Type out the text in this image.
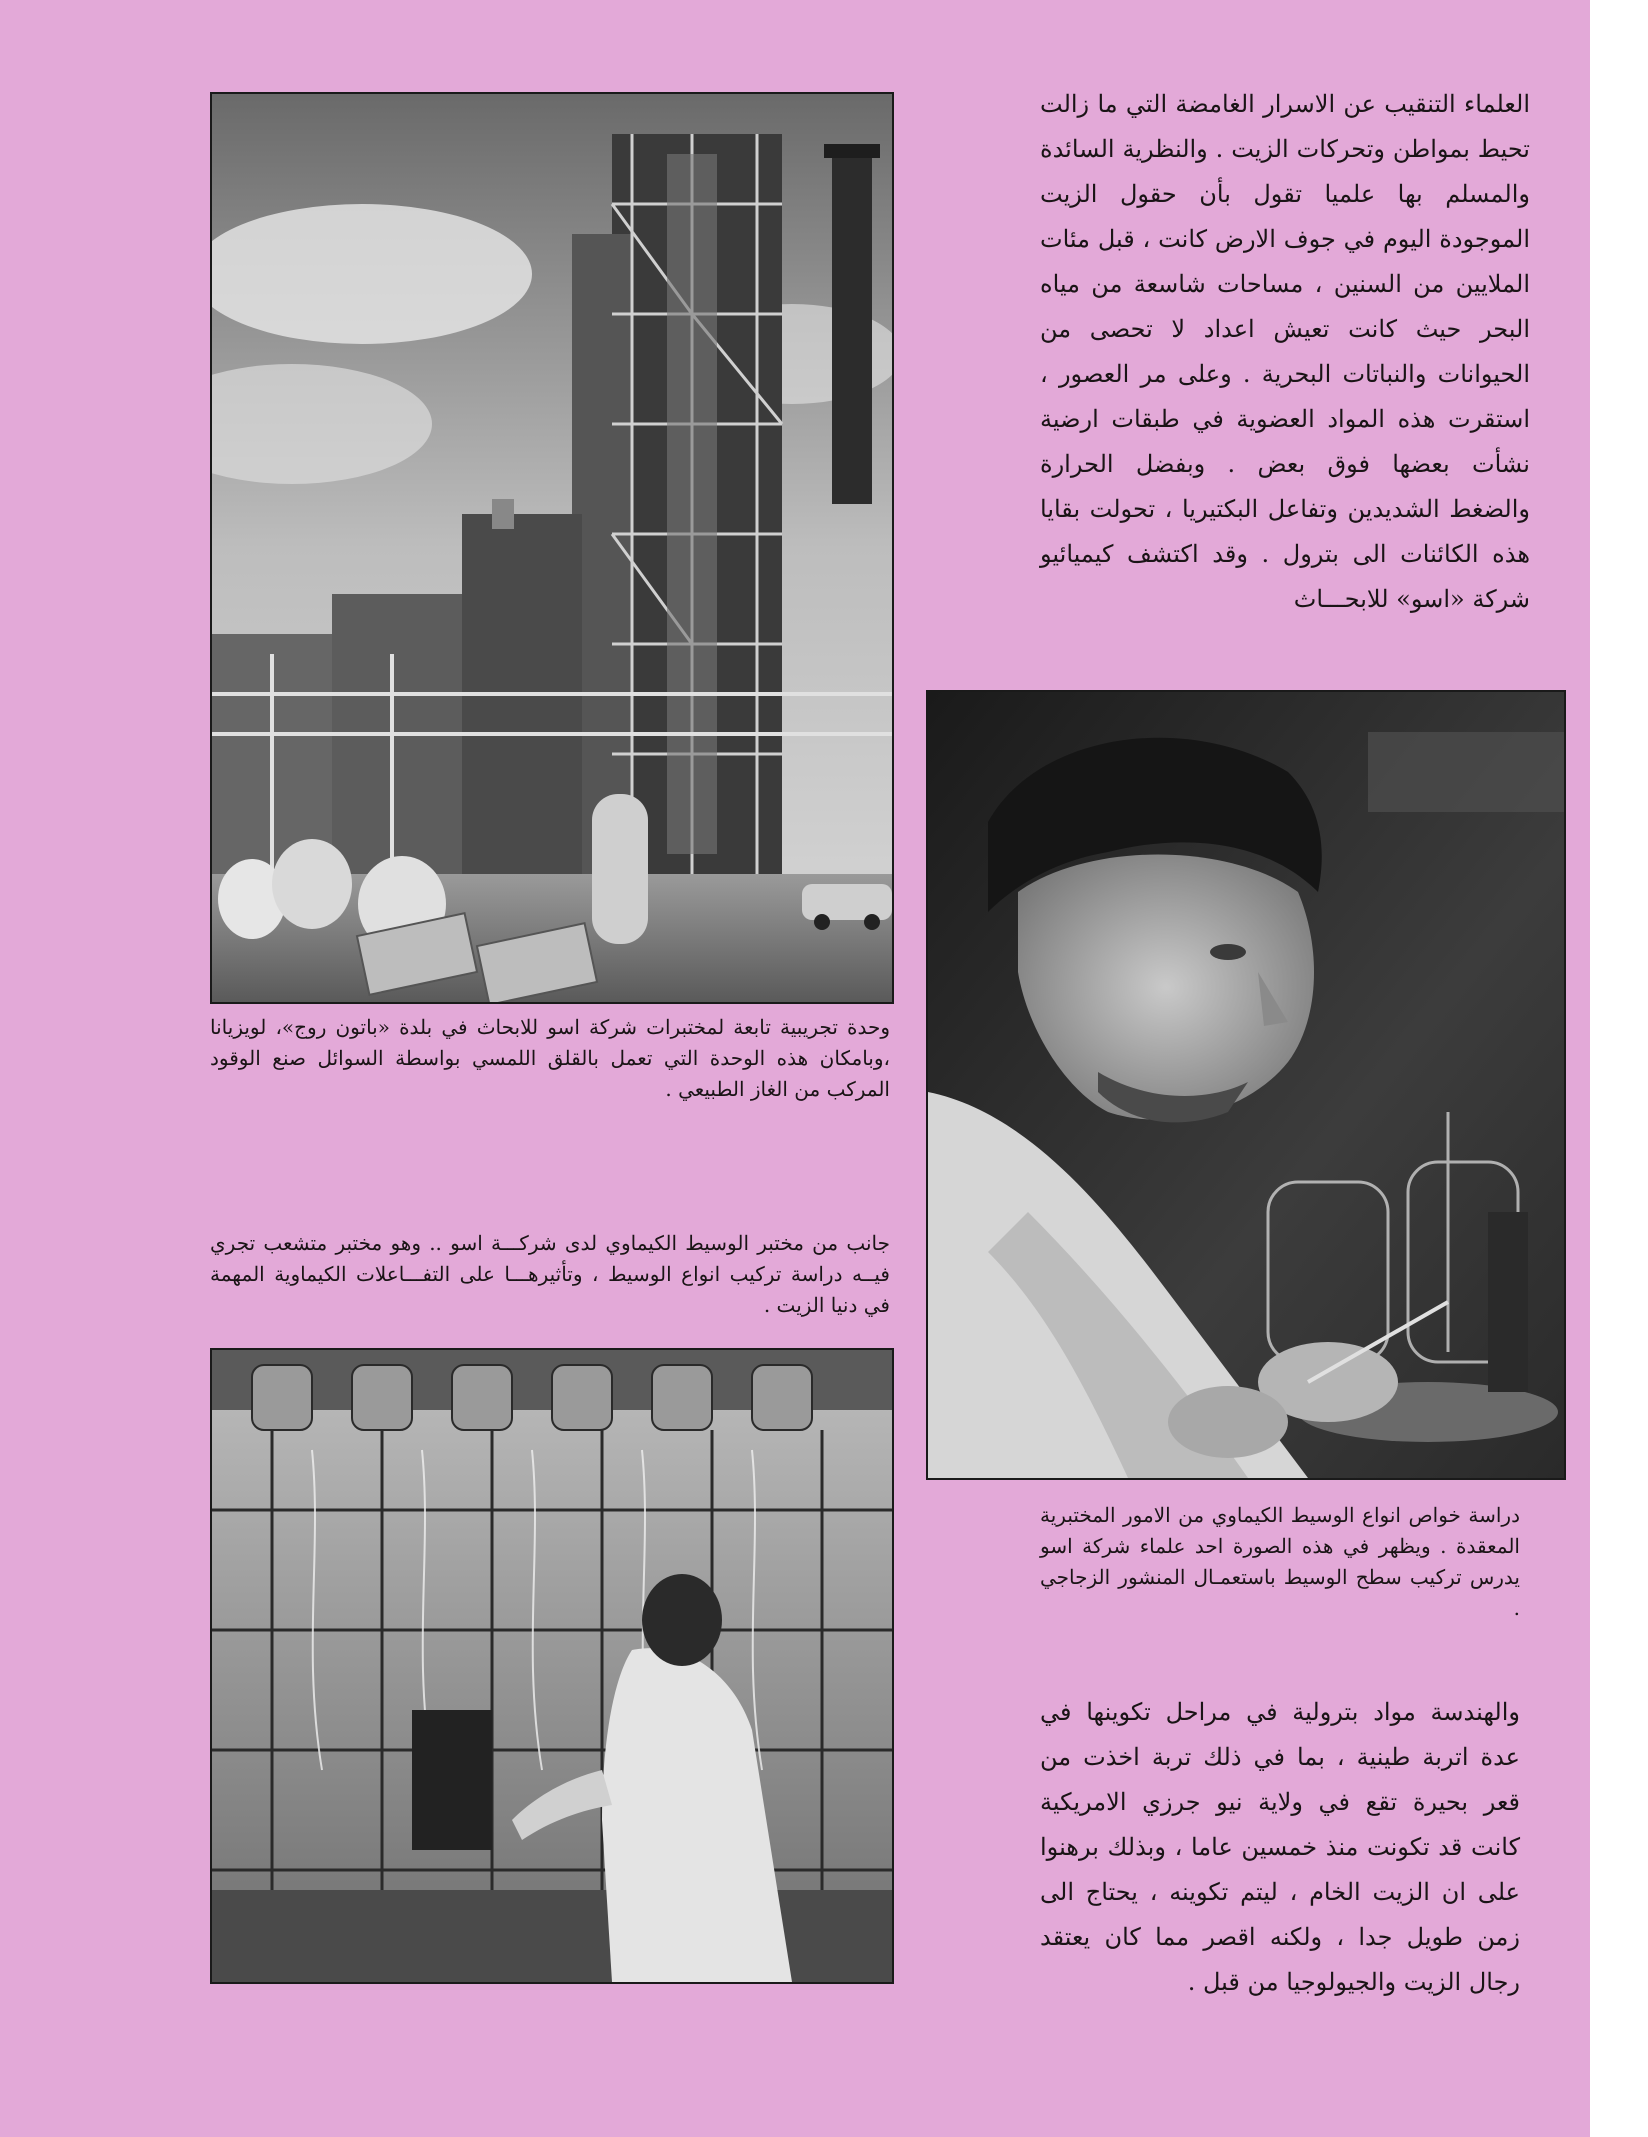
العلماء التنقيب عن الاسرار الغامضة التي ما زالت تحيط بمواطن وتحركات الزيت . والنظرية السائدة والمسلم بها علميا تقول بأن حقول الزيت الموجودة اليوم في جوف الارض كانت ، قبل مئات الملايين من السنين ، مساحات شاسعة من مياه البحر حيث كانت تعيش اعداد لا تحصى من الحيوانات والنباتات البحرية . وعلى مر العصور ، استقرت هذه المواد العضوية في طبقات ارضية نشأت بعضها فوق بعض . وبفضل الحرارة والضغط الشديدين وتفاعل البكتيريا ، تحولت بقايا هذه الكائنات الى بترول . وقد اكتشف كيميائيو شركة «اسو» للابحـــاث

وحدة تجريبية تابعة لمختبرات شركة اسو للابحاث في بلدة «باتون روج»، لويزيانا ،وبامكان هذه الوحدة التي تعمل بالقلق اللمسي بواسطة السوائل صنع الوقود المركب من الغاز الطبيعي .

جانب من مختبر الوسيط الكيماوي لدى شركـــة اسو .. وهو مختبر متشعب تجري فيــه دراسة تركيب انواع الوسيط ، وتأثيرهـــا على التفـــاعلات الكيماوية المهمة في دنيا الزيت .

دراسة خواص انواع الوسيط الكيماوي من الامور المختبرية المعقدة . ويظهر في هذه الصورة احد علماء شركة اسو يدرس تركيب سطح الوسيط باستعمـال المنشور الزجاجي .

والهندسة مواد بترولية في مراحل تكوينها في عدة اتربة طينية ، بما في ذلك تربة اخذت من قعر بحيرة تقع في ولاية نيو جرزي الامريكية كانت قد تكونت منذ خمسين عاما ، وبذلك برهنوا على ان الزيت الخام ، ليتم تكوينه ، يحتاج الى زمن طويل جدا ، ولكنه اقصر مما كان يعتقد رجال الزيت والجيولوجيا من قبل .
